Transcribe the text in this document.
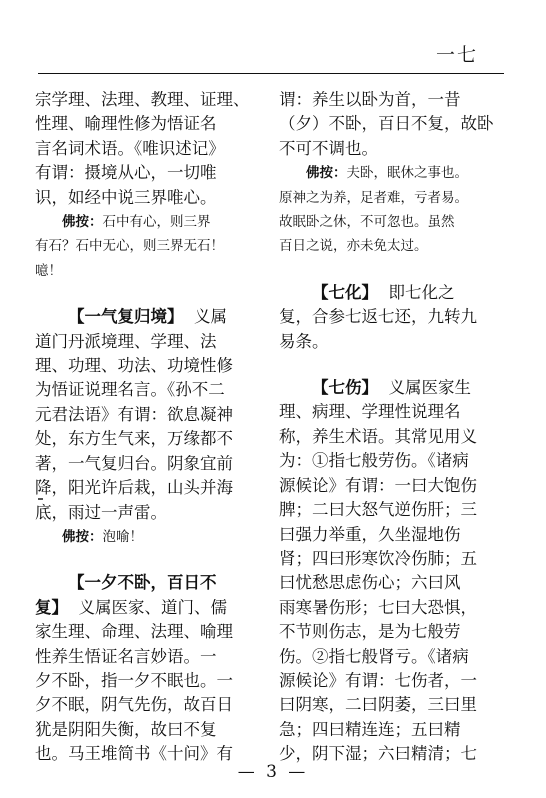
一七

宗学理、法理、教理、证理、
性理、喻理性修为悟证名
言名词术语。《唯识述记》
有谓：摄境从心，一切唯
识，如经中说三界唯心。

佛按：石中有心，则三界
有石？石中无心，则三界无石！
噫！

【一气复归境】 义属
道门丹派境理、学理、法
理、功理、功法、功境性修
为悟证说理名言。《孙不二
元君法语》有谓：欲息凝神
处，东方生气来，万缘都不
著，一气复归台。阴象宜前
降，阳光许后栽，山头并海
底，雨过一声雷。

佛按：泡喻！

【一夕不卧，百日不
复】 义属医家、道门、儒
家生理、命理、法理、喻理
性养生悟证名言妙语。一
夕不卧，指一夕不眠也。一
夕不眠，阴气先伤，故百日
犹是阴阳失衡，故曰不复
也。马王堆简书《十问》有

谓：养生以卧为首，一昔
（夕）不卧，百日不复，故卧
不可不调也。

佛按：夫卧，眠休之事也。
原神之为养，足者难，亏者易。
故眠卧之休，不可忽也。虽然
百日之说，亦未免太过。

【七化】 即七化之
复，合参七返七还，九转九
易条。

【七伤】 义属医家生
理、病理、学理性说理名
称，养生术语。其常见用义
为：①指七般劳伤。《诸病
源候论》有谓：一曰大饱伤
脾；二曰大怒气逆伤肝；三
曰强力举重，久坐湿地伤
肾；四曰形寒饮冷伤肺；五
曰忧愁思虑伤心；六曰风
雨寒暑伤形；七曰大恐惧，
不节则伤志，是为七般劳
伤。②指七般肾亏。《诸病
源候论》有谓：七伤者，一
曰阴寒，二曰阴萎，三曰里
急；四曰精连连；五曰精
少，阴下湿；六曰精清；七

— 3 —
